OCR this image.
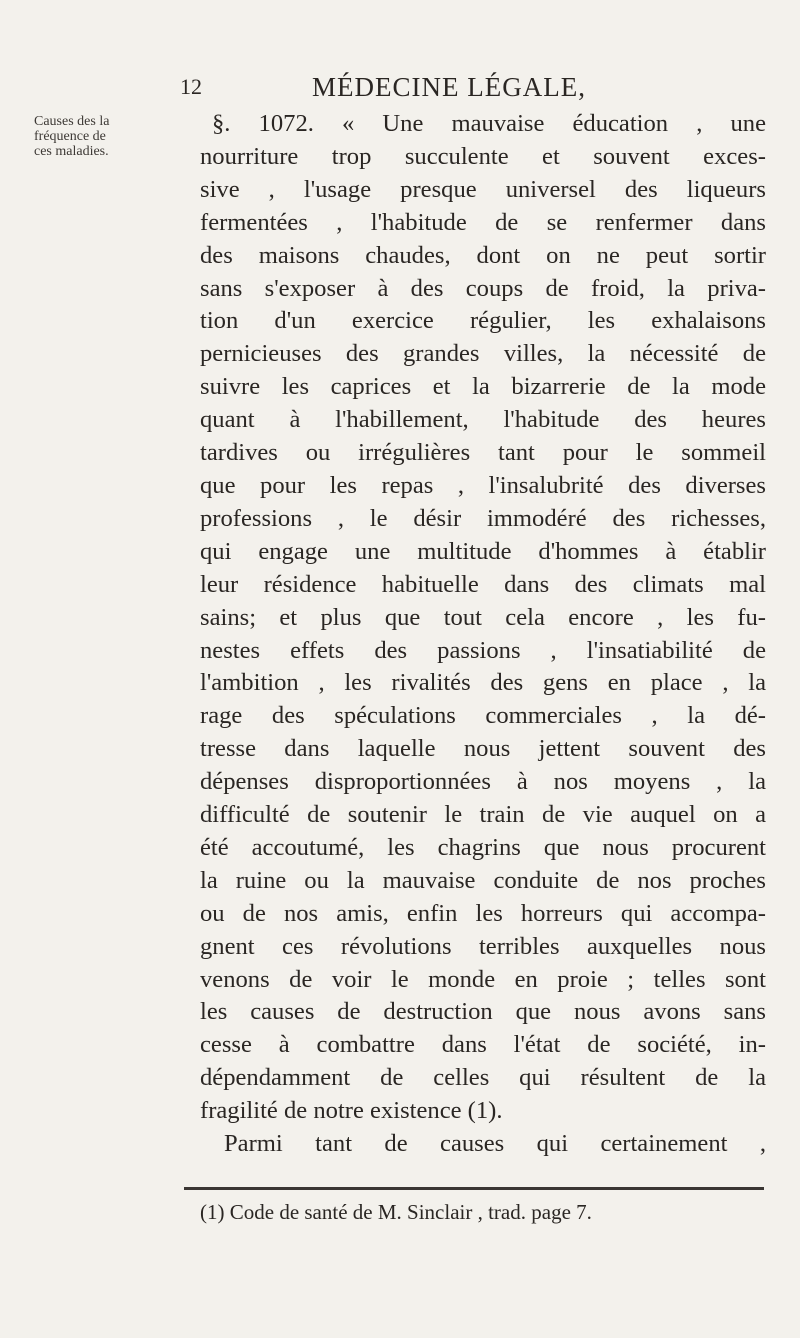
12	MÉDECINE LÉGALE,
Causes des la
fréquence de
ces maladies.
§. 1072. « Une mauvaise éducation , une
nourriture trop succulente et souvent exces-
sive , l'usage presque universel des liqueurs
fermentées , l'habitude de se renfermer dans
des maisons chaudes, dont on ne peut sortir
sans s'exposer à des coups de froid, la priva-
tion d'un exercice régulier, les exhalaisons
pernicieuses des grandes villes, la nécessité de
suivre les caprices et la bizarrerie de la mode
quant à l'habillement, l'habitude des heures
tardives ou irrégulières tant pour le sommeil
que pour les repas , l'insalubrité des diverses
professions , le désir immodéré des richesses,
qui engage une multitude d'hommes à établir
leur résidence habituelle dans des climats mal
sains; et plus que tout cela encore , les fu-
nestes effets des passions , l'insatiabilité de
l'ambition , les rivalités des gens en place , la
rage des spéculations commerciales , la dé-
tresse dans laquelle nous jettent souvent des
dépenses disproportionnées à nos moyens , la
difficulté de soutenir le train de vie auquel on a
été accoutumé, les chagrins que nous procurent
la ruine ou la mauvaise conduite de nos proches
ou de nos amis, enfin les horreurs qui accompa-
gnent ces révolutions terribles auxquelles nous
venons de voir le monde en proie ; telles sont
les causes de destruction que nous avons sans
cesse à combattre dans l'état de société, in-
dépendamment de celles qui résultent de la
fragilité de notre existence (1).
Parmi tant de causes qui certainement ,
(1) Code de santé de M. Sinclair , trad. page 7.
